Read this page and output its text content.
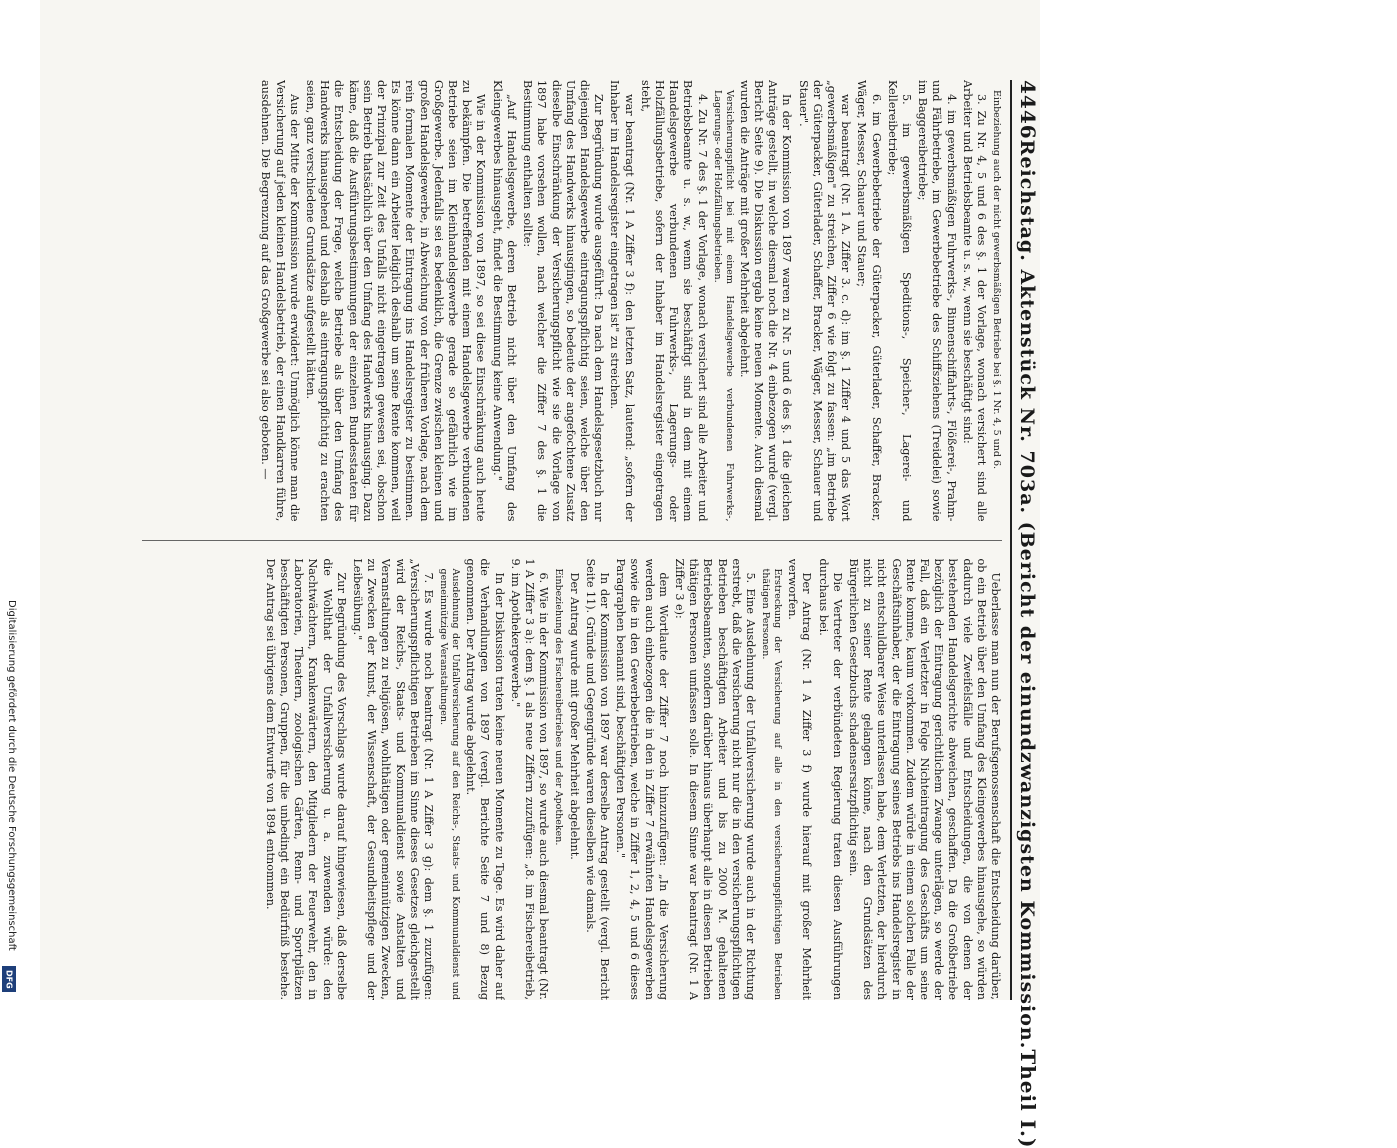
Digitalisierung gefördert durch die Deutsche Forschungsgemeinschaft
DFG
4446
Reichstag. Aktenstück Nr. 703a. (Bericht der einundzwanzigsten Kommission.
Theil I.)

Einbeziehung auch der nicht gewerbsmäßigen Betriebe bei §. 1 Nr. 4, 5 und 6.

3. Zu Nr. 4, 5 und 6 des §. 1 der Vorlage, wonach versichert sind alle Arbeiter und Betriebsbeamte u. s. w., wenn sie beschäftigt sind:

4. im gewerbsmäßigen Fuhrwerks-, Binnenschiffahrts-, Flößerei-, Prahm- und Fährbetriebe, im Gewerbebetriebe des Schiffsziehens (Treidelei) sowie im Baggereibetriebe;

5. im gewerbsmäßigen Speditions-, Speicher-, Lagerei- und Kellereibetriebe;

6. im Gewerbebetriebe der Güterpacker, Güterlader, Schaffer, Bracker, Wäger, Messer, Schauer und Stauer;

war beantragt (Nr. 1 A. Ziffer 3. c. d): im §. 1 Ziffer 4 und 5 das Wort „gewerbsmäßigen" zu streichen, Ziffer 6 wie folgt zu fassen: „im Betriebe der Güterpacker, Güterlader, Schaffer, Bracker, Wäger, Messer, Schauer und Stauer".

In der Kommission von 1897 waren zu Nr. 5 und 6 des §. 1 die gleichen Anträge gestellt, in welche diesmal noch die Nr. 4 einbezogen wurde (vergl. Bericht Seite 9). Die Diskussion ergab keine neuen Momente. Auch diesmal wurden die Anträge mit großer Mehrheit abgelehnt.

Versicherungspflicht bei mit einem Handelsgewerbe verbundenen Fuhrwerks-, Lagerungs- oder Holzfällungsbetrieben.

4. Zu Nr. 7 des §. 1 der Vorlage, wonach versichert sind alle Arbeiter und Betriebsbeamte u. s. w., wenn sie beschäftigt sind in dem mit einem Handelsgewerbe verbundenen Fuhrwerks-, Lagerungs- oder Holzfällungsbetriebe, sofern der Inhaber im Handelsregister eingetragen steht,

war beantragt (Nr. 1 A Ziffer 3 f): den letzten Satz, lautend: „sofern der Inhaber im Handelsregister eingetragen ist" zu streichen.

Zur Begründung wurde ausgeführt: Da nach dem Handelsgesetzbuch nur diejenigen Handelsgewerbe eintragungspflichtig seien, welche über den Umfang des Handwerks hinausgingen, so bedeute der angefochtene Zusatz dieselbe Einschränkung der Versicherungspflicht wie sie die Vorlage von 1897 habe vorsehen wollen, nach welcher die Ziffer 7 des §. 1 die Bestimmung enthalten sollte:

„Auf Handelsgewerbe, deren Betrieb nicht über den Umfang des Kleingewerbes hinausgeht, findet die Bestimmung keine Anwendung."

Wie in der Kommission von 1897, so sei diese Einschränkung auch heute zu bekämpfen. Die betreffenden mit einem Handelsgewerbe verbundenen Betriebe seien im Kleinhandelsgewerbe gerade so gefährlich wie im Großgewerbe. Jedenfalls sei es bedenklich, die Grenze zwischen kleinen und großen Handelsgewerbe, in Abweichung von der früheren Vorlage, nach dem rein formalen Momente der Eintragung ins Handelsregister zu bestimmen. Es könne dann ein Arbeiter lediglich deshalb um seine Rente kommen, weil der Prinzipal zur Zeit des Unfalls nicht eingetragen gewesen sei, obschon sein Betrieb thatsächlich über den Umfang des Handwerks hinausging. Dazu käme, daß die Ausführungsbestimmungen der einzelnen Bundesstaaten für die Entscheidung der Frage, welche Betriebe als über den Umfang des Handwerks hinausgehend und deshalb als eintragungspflichtig zu erachten seien, ganz verschiedene Grundsätze aufgestellt hätten.

Aus der Mitte der Kommission wurde erwidert: Unmöglich könne man die Versicherung auf jeden kleinen Handelsbetrieb, der einen Handkarren führe, ausdehnen. Die Begrenzung auf das Großgewerbe sei also geboten. —

Ueberlasse man nun der Berufsgenossenschaft die Entscheidung darüber, ob ein Betrieb über den Umfang des Kleingewerbes hinausgehe, so würden dadurch viele Zweifelsfälle und Entscheidungen, die von denen der bestehenden Handelsgerichte abweichen, geschaffen. Da die Großbetriebe bezüglich der Eintragung gerichtlichem Zwange unterlägen, so werde der Fall, daß ein Verletzter in Folge Nichteintragung des Geschäfts um seine Rente komme, kaum vorkommen. Zudem würde in einem solchen Falle der Geschäftsinhaber, der die Eintragung seines Betriebs ins Handelsregister in nicht entschuldbarer Weise unterlassen habe, dem Verletzten, der hierdurch nicht zu seiner Rente gelangen könne, nach den Grundsätzen des Bürgerlichen Gesetzbuchs schadensersatzpflichtig sein.

Die Vertreter der verbündeten Regierung traten diesen Ausführungen durchaus bei.

Der Antrag (Nr. 1 A Ziffer 3 f) wurde hierauf mit großer Mehrheit verworfen.

Erstreckung der Versicherung auf alle in den versicherungspflichtigen Betrieben thätigen Personen.

5. Eine Ausdehnung der Unfallversicherung wurde auch in der Richtung erstrebt, daß die Versicherung nicht nur die in den versicherungspflichtigen Betrieben beschäftigten Arbeiter und bis zu 2000 M. gehaltenen Betriebsbeamten, sondern darüber hinaus überhaupt alle in diesen Betrieben thätigen Personen umfassen solle. In diesem Sinne war beantragt (Nr. 1 A Ziffer 3 e):

dem Wortlaute der Ziffer 7 noch hinzuzufügen: „In die Versicherung werden auch einbezogen die in den in Ziffer 7 erwähnten Handelsgewerben sowie die in den Gewerbebetrieben, welche in Ziffer 1, 2, 4, 5 und 6 dieses Paragraphen benannt sind, beschäftigten Personen."

In der Kommission von 1897 war derselbe Antrag gestellt (vergl. Bericht Seite 11). Gründe und Gegengründe waren dieselben wie damals.

Der Antrag wurde mit großer Mehrheit abgelehnt.

Einbeziehung des Fischereibetriebes und der Apotheken.

6. Wie in der Kommission von 1897, so wurde auch diesmal beantragt (Nr. 1 A Ziffer 3 a): dem §. 1 als neue Ziffern zuzufügen: „8. im Fischereibetrieb, 9. im Apothekergewerbe."

In der Diskussion traten keine neuen Momente zu Tage. Es wird daher auf die Verhandlungen von 1897 (vergl. Berichte Seite 7 und 8) Bezug genommen. Der Antrag wurde abgelehnt.

Ausdehnung der Unfallversicherung auf den Reichs-, Staats- und Kommunaldienst und gemeinnützige Veranstaltungen.

7. Es wurde noch beantragt (Nr. 1 A Ziffer 3 g): dem §. 1 zuzufügen: „Versicherungspflichtigen Betrieben im Sinne dieses Gesetzes gleichgestellt wird der Reichs-, Staats- und Kommunaldienst sowie Anstalten und Veranstaltungen zu religiösen, wohlthätigen oder gemeinnützigen Zwecken, zu Zwecken der Kunst, der Wissenschaft, der Gesundheitspflege und der Leibesübung."

Zur Begründung des Vorschlags wurde darauf hingewiesen, daß derselbe die Wohlthat der Unfallversicherung u. a. zuwenden würde: den Nachtwächtern, Krankenwärtern, den Mitgliedern der Feuerwehr, den in Laboratorien, Theatern, zoologischen Gärten, Renn- und Sportplätzen beschäftigten Personen, Gruppen, für die unbedingt ein Bedürfniß bestehe. Der Antrag sei übrigens dem Entwurfe von 1894 entnommen.
